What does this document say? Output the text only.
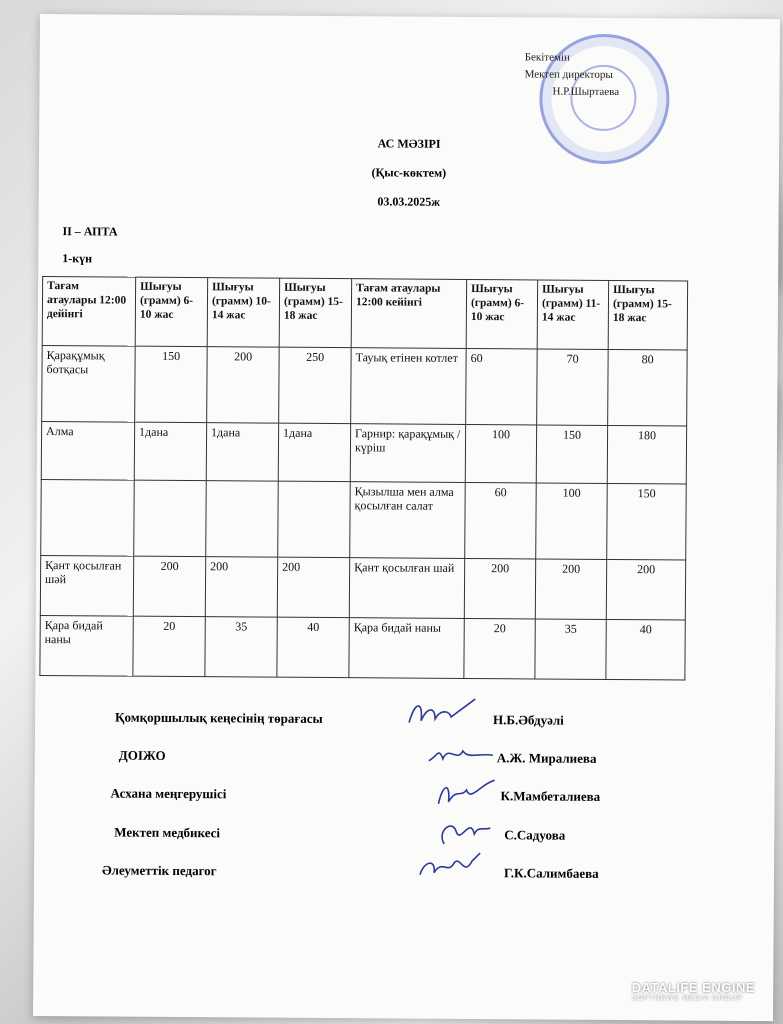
Бекітемін
Мектеп директоры
Н.Р.Шыртаева
АС МӘЗІРІ
(Қыс-көктем)
03.03.2025ж
ІІ – АПТА
1-күн
Тағам атаулары 12:00 дейінгі	Шығуы (грамм) 6-10 жас	Шығуы (грамм) 10-14 жас	Шығуы (грамм) 15-18 жас	Тағам атаулары 12:00 кейінгі	Шығуы (грамм) 6-10 жас	Шығуы (грамм) 11-14 жас	Шығуы (грамм) 15-18 жас
Қарақұмық ботқасы	150	200	250	Тауық етінен котлет	60	70	80
Алма	1дана	1дана	1дана	Гарнир: қарақұмық / күріш	100	150	180
				Қызылша мен алма қосылған салат	60	100	150
Қант қосылған шәй	200	200	200	Қант қосылған шай	200	200	200
Қара бидай наны	20	35	40	Қара бидай наны	20	35	40
Қомқоршылық кеңесінің төрағасы	Н.Б.Әбдуәлі
ДОІЖО	А.Ж. Миралиева
Асхана меңгерушісі	К.Мамбеталиева
Мектеп медбикесі	С.Садуова
Әлеуметтік педагог	Г.К.Салимбаева
DATALIFE ENGINE
SOFTNEWS MEDIA GROUP
